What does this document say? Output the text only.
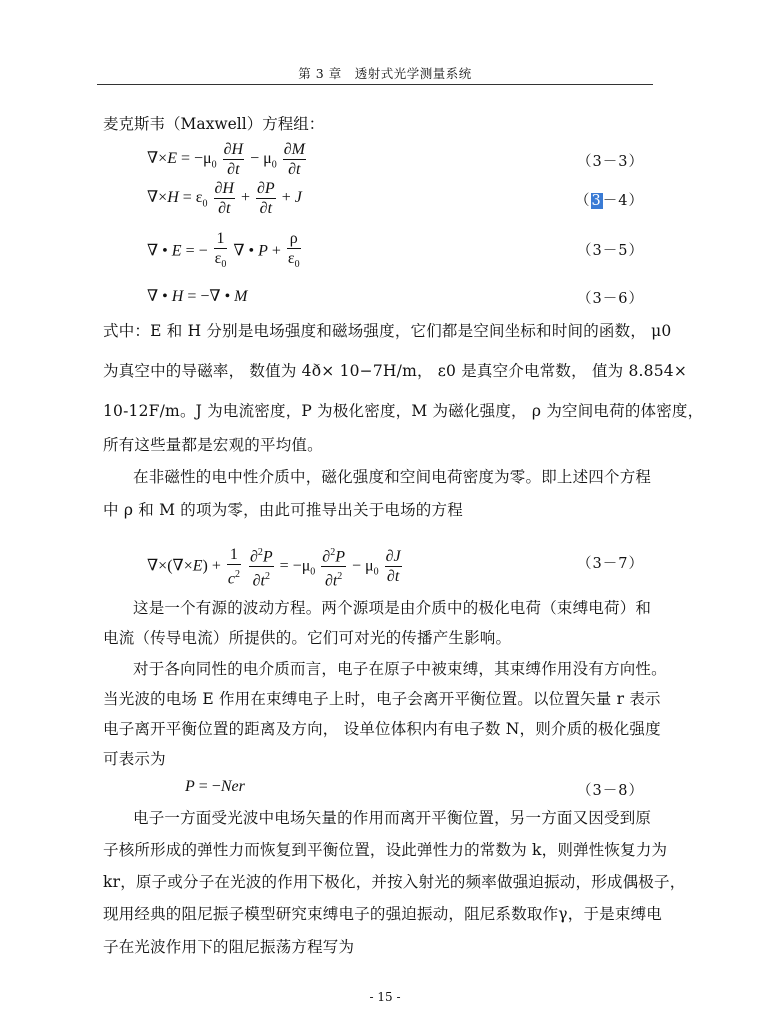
第 3 章　透射式光学测量系统
麦克斯韦（Maxwell）方程组：
$\nabla\times E = -\mu_0 \frac{\partial H}{\partial t} - \mu_0 \frac{\partial M}{\partial t}$	（3－3）
$\nabla\times H = \varepsilon_0 \frac{\partial H}{\partial t} + \frac{\partial P}{\partial t} + J$	（3－4）
∇ • E = − $\frac{1}{\varepsilon_0}$ ∇ • $P + \frac{\rho}{\varepsilon_0}$	（3－5）
∇ • H = −∇ • M	（3－6）
式中：E 和 H 分别是电场强度和磁场强度，它们都是空间坐标和时间的函数， μ0
为真空中的导磁率， 数值为 4ð× 10−7H/m， ε0 是真空介电常数， 值为 8.854×
10-12F/m。J 为电流密度，P 为极化密度，M 为磁化强度， ρ 为空间电荷的体密度，
所有这些量都是宏观的平均值。
在非磁性的电中性介质中，磁化强度和空间电荷密度为零。即上述四个方程
中 ρ 和 M 的项为零，由此可推导出关于电场的方程
$\nabla\times(\nabla\times E) + \frac{1}{c^2}$
$\frac{\partial^2P}{\partial t^2} = -\mu_0 \frac{\partial^2P}{\partial t^2} - \mu_0 \frac{\partial J}{\partial t}$	（3－7）
这是一个有源的波动方程。两个源项是由介质中的极化电荷（束缚电荷）和
电流（传导电流）所提供的。它们可对光的传播产生影响。
对于各向同性的电介质而言，电子在原子中被束缚，其束缚作用没有方向性。
当光波的电场 E 作用在束缚电子上时，电子会离开平衡位置。以位置矢量 r 表示
电子离开平衡位置的距离及方向， 设单位体积内有电子数 N，则介质的极化强度
可表示为
P = −Ner	（3－8）
电子一方面受光波中电场矢量的作用而离开平衡位置，另一方面又因受到原
子核所形成的弹性力而恢复到平衡位置，设此弹性力的常数为 k，则弹性恢复力为
kr，原子或分子在光波的作用下极化，并按入射光的频率做强迫振动，形成偶极子，
现用经典的阻尼振子模型研究束缚电子的强迫振动，阻尼系数取作γ，于是束缚电
子在光波作用下的阻尼振荡方程写为
- 15 -
